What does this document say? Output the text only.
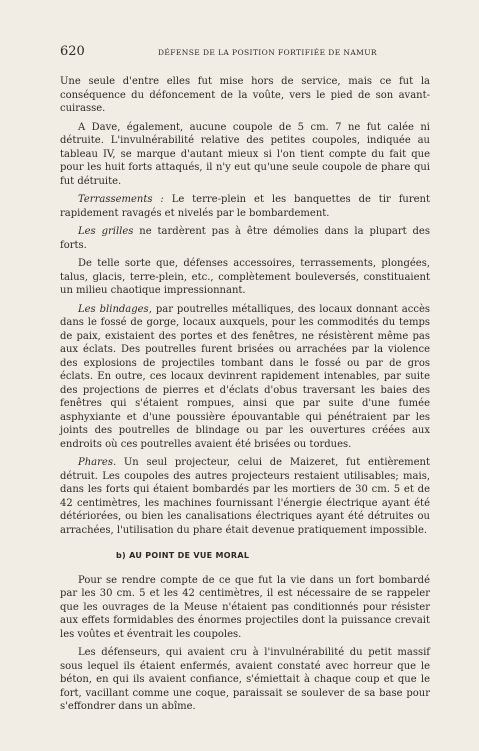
620	DÉFENSE DE LA POSITION FORTIFIÉE DE NAMUR

Une seule d'entre elles fut mise hors de service, mais ce fut la conséquence du défoncement de la voûte, vers le pied de son avant-cuirasse.

A Dave, également, aucune coupole de 5 cm. 7 ne fut calée ni détruite. L'invulnérabilité relative des petites coupoles, indiquée au tableau IV, se marque d'autant mieux si l'on tient compte du fait que pour les huit forts attaqués, il n'y eut qu'une seule coupole de phare qui fut détruite.

Terrassements : Le terre-plein et les banquettes de tir furent rapidement ravagés et nivelés par le bombardement.

Les grilles ne tardèrent pas à être démolies dans la plupart des forts.

De telle sorte que, défenses accessoires, terrassements, plongées, talus, glacis, terre-plein, etc., complètement bouleversés, constituaient un milieu chaotique impressionnant.

Les blindages, par poutrelles métalliques, des locaux donnant accès dans le fossé de gorge, locaux auxquels, pour les commodités du temps de paix, existaient des portes et des fenêtres, ne résistèrent même pas aux éclats. Des poutrelles furent brisées ou arrachées par la violence des explosions de projectiles tombant dans le fossé ou par de gros éclats. En outre, ces locaux devinrent rapidement intenables, par suite des projections de pierres et d'éclats d'obus traversant les baies des fenêtres qui s'étaient rompues, ainsi que par suite d'une fumée asphyxiante et d'une poussière épouvantable qui pénétraient par les joints des poutrelles de blindage ou par les ouvertures créées aux endroits où ces poutrelles avaient été brisées ou tordues.

Phares. Un seul projecteur, celui de Maizeret, fut entièrement détruit. Les coupoles des autres projecteurs restaient utilisables; mais, dans les forts qui étaient bombardés par les mortiers de 30 cm. 5 et de 42 centimètres, les machines fournissant l'énergie électrique ayant été détériorées, ou bien les canalisations électriques ayant été détruites ou arrachées, l'utilisation du phare était devenue pratiquement impossible.

b) AU POINT DE VUE MORAL

Pour se rendre compte de ce que fut la vie dans un fort bombardé par les 30 cm. 5 et les 42 centimètres, il est nécessaire de se rappeler que les ouvrages de la Meuse n'étaient pas conditionnés pour résister aux effets formidables des énormes projectiles dont la puissance crevait les voûtes et éventrait les coupoles.

Les défenseurs, qui avaient cru à l'invulnérabilité du petit massif sous lequel ils étaient enfermés, avaient constaté avec horreur que le béton, en qui ils avaient confiance, s'émiettait à chaque coup et que le fort, vacillant comme une coque, paraissait se soulever de sa base pour s'effondrer dans un abîme.
